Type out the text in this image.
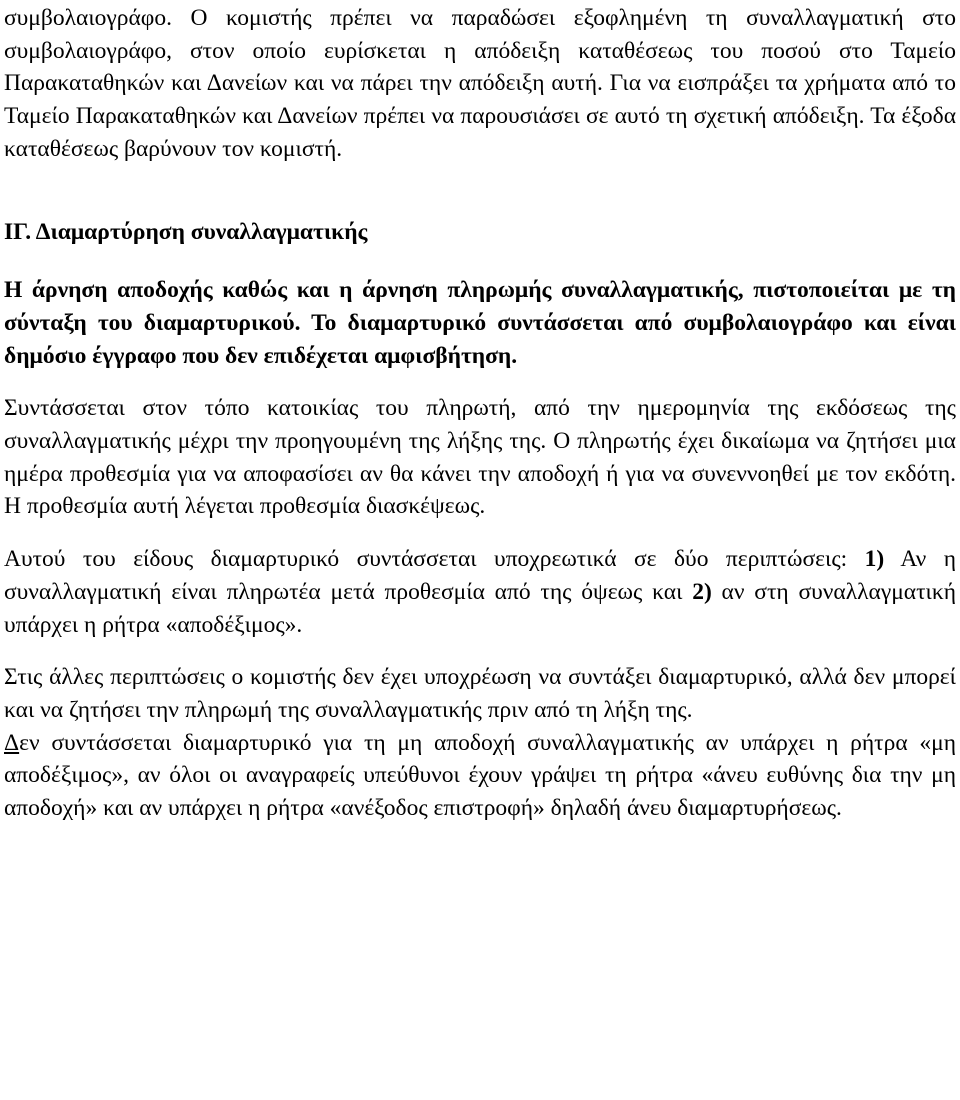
συμβολαιογράφο. Ο κομιστής πρέπει να παραδώσει εξοφλημένη τη συναλλαγματική στο συμβολαιογράφο, στον οποίο ευρίσκεται η απόδειξη καταθέσεως του ποσού στο Ταμείο Παρακαταθηκών και Δανείων και να πάρει την απόδειξη αυτή. Για να εισπράξει τα χρήματα από το Ταμείο Παρακαταθηκών και Δανείων πρέπει να παρουσιάσει σε αυτό τη σχετική απόδειξη. Τα έξοδα καταθέσεως βαρύνουν τον κομιστή.

ΙΓ. Διαμαρτύρηση συναλλαγματικής

Η άρνηση αποδοχής καθώς και η άρνηση πληρωμής συναλλαγματικής, πιστοποιείται με τη σύνταξη του διαμαρτυρικού. Το διαμαρτυρικό συντάσσεται από συμβολαιογράφο και είναι δημόσιο έγγραφο που δεν επιδέχεται αμφισβήτηση.

Συντάσσεται στον τόπο κατοικίας του πληρωτή, από την ημερομηνία της εκδόσεως της συναλλαγματικής μέχρι την προηγουμένη της λήξης της. Ο πληρωτής έχει δικαίωμα να ζητήσει μια ημέρα προθεσμία για να αποφασίσει αν θα κάνει την αποδοχή ή για να συνεννοηθεί με τον εκδότη. Η προθεσμία αυτή λέγεται προθεσμία διασκέψεως.

Αυτού του είδους διαμαρτυρικό συντάσσεται υποχρεωτικά σε δύο περιπτώσεις: 1) Αν η συναλλαγματική είναι πληρωτέα μετά προθεσμία από της όψεως και 2) αν στη συναλλαγματική υπάρχει η ρήτρα «αποδέξιμος».

Στις άλλες περιπτώσεις ο κομιστής δεν έχει υποχρέωση να συντάξει διαμαρτυρικό, αλλά δεν μπορεί και να ζητήσει την πληρωμή της συναλλαγματικής πριν από τη λήξη της.

Δεν συντάσσεται διαμαρτυρικό για τη μη αποδοχή συναλλαγματικής αν υπάρχει η ρήτρα «μη αποδέξιμος», αν όλοι οι αναγραφείς υπεύθυνοι έχουν γράψει τη ρήτρα «άνευ ευθύνης δια την μη αποδοχή» και αν υπάρχει η ρήτρα «ανέξοδος επιστροφή» δηλαδή άνευ διαμαρτυρήσεως.
